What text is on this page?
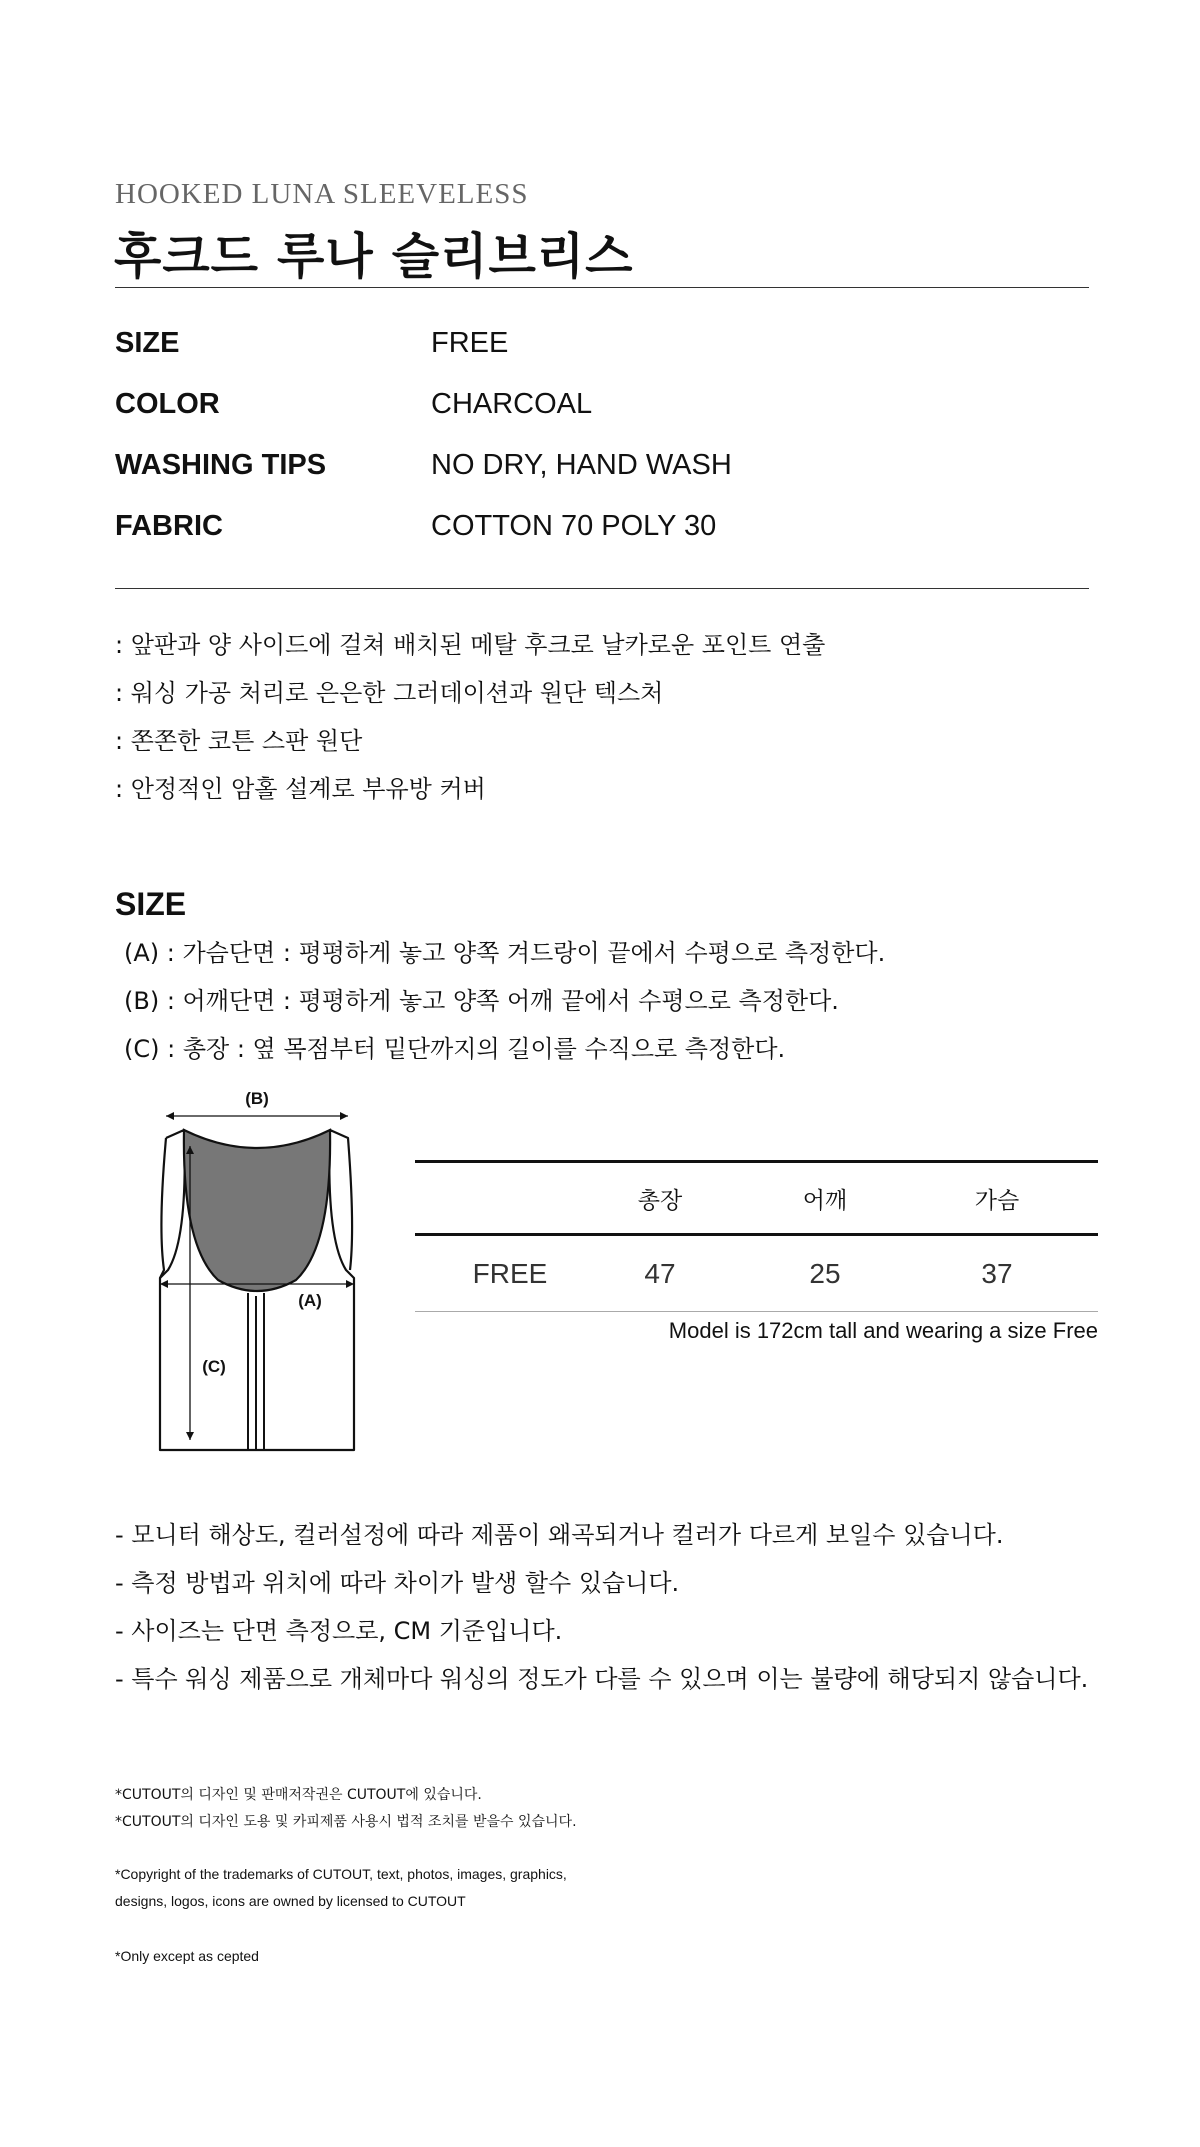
HOOKED LUNA SLEEVELESS
후크드 루나 슬리브리스
SIZE	FREE
COLOR	CHARCOAL
WASHING TIPS	NO DRY, HAND WASH
FABRIC	COTTON 70 POLY 30
: 앞판과 양 사이드에 걸쳐 배치된 메탈 후크로 날카로운 포인트 연출
: 워싱 가공 처리로 은은한 그러데이션과 원단 텍스처
: 쫀쫀한 코튼 스판 원단
: 안정적인 암홀 설계로 부유방 커버
SIZE
(A) : 가슴단면 : 평평하게 놓고 양쪽 겨드랑이 끝에서 수평으로 측정한다.
(B) : 어깨단면 : 평평하게 놓고 양쪽 어깨 끝에서 수평으로 측정한다.
(C) : 총장 : 옆 목점부터 밑단까지의 길이를 수직으로 측정한다.
(B)
(A)
(C)
총장	어깨	가슴
FREE	47	25	37
Model is 172cm tall and wearing a size Free
- 모니터 해상도, 컬러설정에 따라 제품이 왜곡되거나 컬러가 다르게 보일수 있습니다.
- 측정 방법과 위치에 따라 차이가 발생 할수 있습니다.
- 사이즈는 단면 측정으로, CM 기준입니다.
- 특수 워싱 제품으로 개체마다 워싱의 정도가 다를 수 있으며 이는 불량에 해당되지 않습니다.
*CUTOUT의 디자인 및 판매저작권은 CUTOUT에 있습니다.
*CUTOUT의 디자인 도용 및 카피제품 사용시 법적 조치를 받을수 있습니다.
*Copyright of the trademarks of CUTOUT, text, photos, images, graphics,
designs, logos, icons are owned by licensed to CUTOUT
*Only except as cepted
